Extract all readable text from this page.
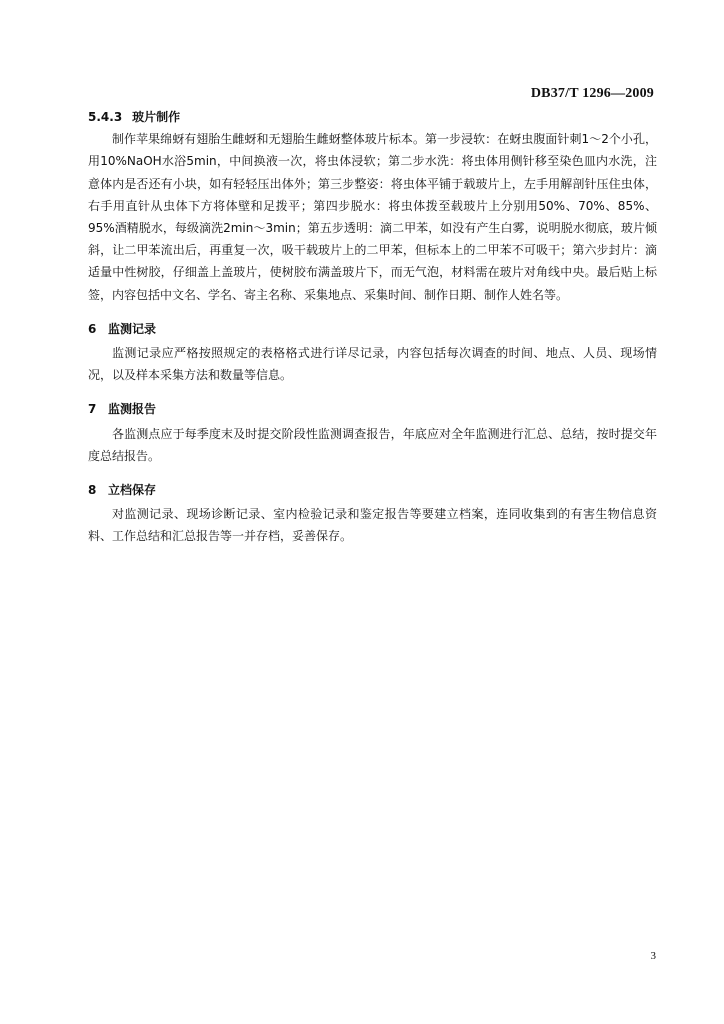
DB37/T 1296—2009
5.4.3 玻片制作

制作苹果绵蚜有翅胎生雌蚜和无翅胎生雌蚜整体玻片标本。第一步浸软：在蚜虫腹面针刺1～2个小孔，用10%NaOH水浴5min，中间换液一次，将虫体浸软；第二步水洗：将虫体用侧针移至染色皿内水洗，注意体内是否还有小块，如有轻轻压出体外；第三步整姿：将虫体平铺于载玻片上，左手用解剖针压住虫体，右手用直针从虫体下方将体壁和足拨平；第四步脱水：将虫体拨至载玻片上分别用50%、70%、85%、95%酒精脱水，每级滴洗2min～3min；第五步透明：滴二甲苯，如没有产生白雾，说明脱水彻底，玻片倾斜，让二甲苯流出后，再重复一次，吸干载玻片上的二甲苯，但标本上的二甲苯不可吸干；第六步封片：滴适量中性树胶，仔细盖上盖玻片，使树胶布满盖玻片下，而无气泡，材料需在玻片对角线中央。最后贴上标签，内容包括中文名、学名、寄主名称、采集地点、采集时间、制作日期、制作人姓名等。

6 监测记录

监测记录应严格按照规定的表格格式进行详尽记录，内容包括每次调查的时间、地点、人员、现场情况，以及样本采集方法和数量等信息。

7 监测报告

各监测点应于每季度末及时提交阶段性监测调查报告，年底应对全年监测进行汇总、总结，按时提交年度总结报告。

8 立档保存

对监测记录、现场诊断记录、室内检验记录和鉴定报告等要建立档案，连同收集到的有害生物信息资料、工作总结和汇总报告等一并存档，妥善保存。

3
